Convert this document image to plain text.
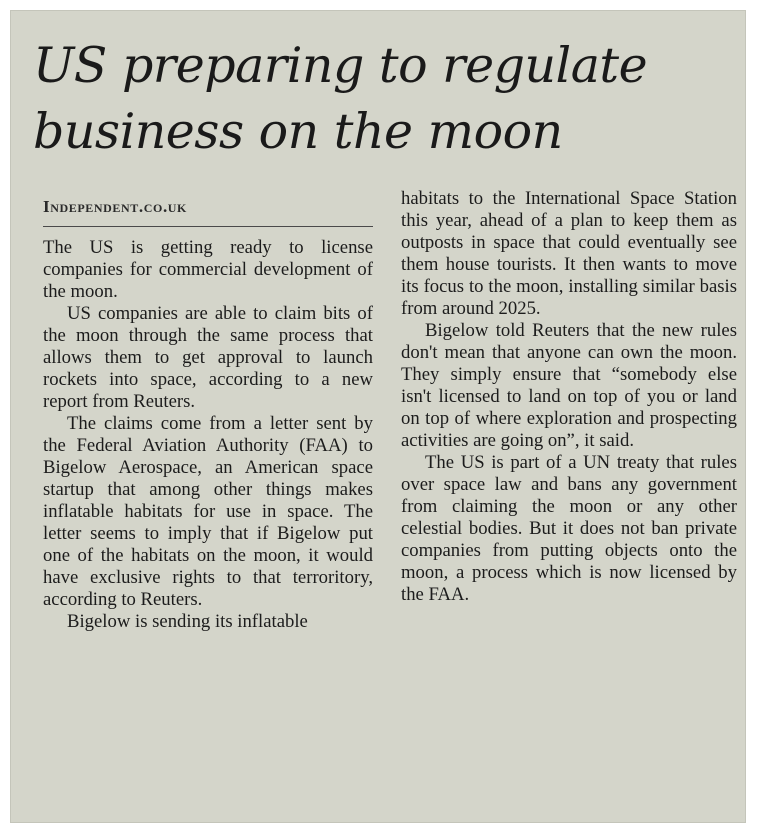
US preparing to regulate business on the moon
Independent.co.uk

The US is getting ready to license companies for commercial development of the moon.

US companies are able to claim bits of the moon through the same process that allows them to get approval to launch rockets into space, according to a new report from Reuters.

The claims come from a letter sent by the Federal Aviation Authority (FAA) to Bigelow Aerospace, an American space startup that among other things makes inflatable habitats for use in space. The letter seems to imply that if Bigelow put one of the habitats on the moon, it would have exclusive rights to that terroritory, according to Reuters.

Bigelow is sending its inflatable

habitats to the International Space Station this year, ahead of a plan to keep them as outposts in space that could eventually see them house tourists. It then wants to move its focus to the moon, installing similar basis from around 2025.

Bigelow told Reuters that the new rules don't mean that anyone can own the moon. They simply ensure that “somebody else isn't licensed to land on top of you or land on top of where exploration and prospecting activities are going on”, it said.

The US is part of a UN treaty that rules over space law and bans any government from claiming the moon or any other celestial bodies. But it does not ban private companies from putting objects onto the moon, a process which is now licensed by the FAA.
